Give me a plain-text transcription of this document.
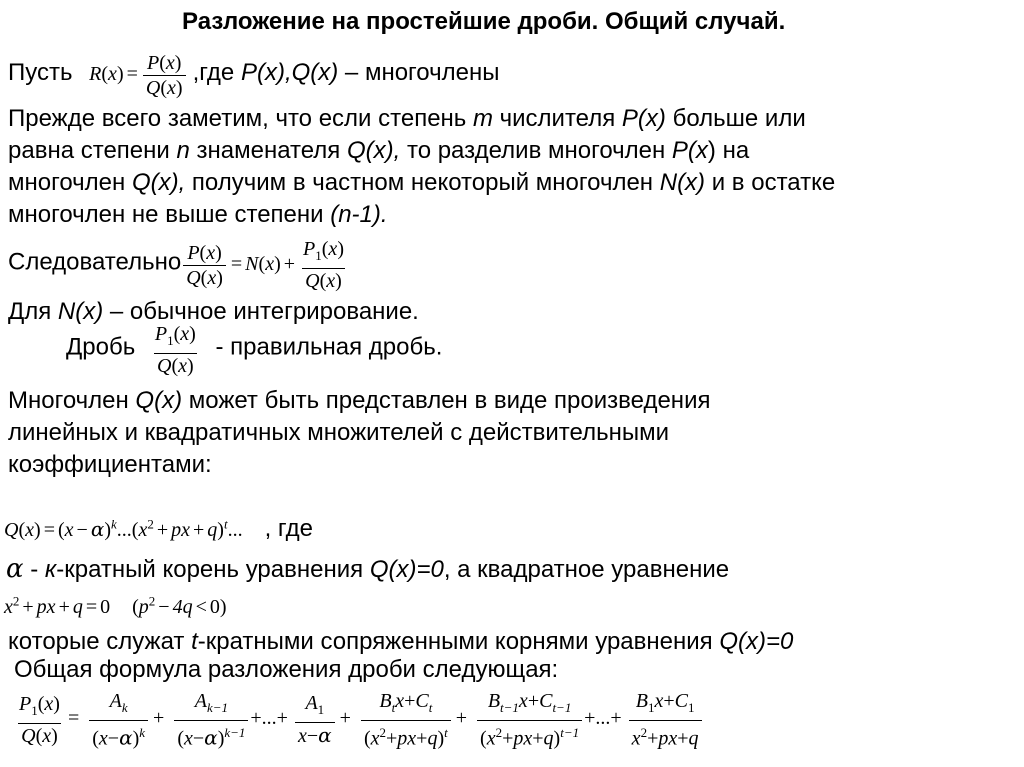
Разложение на простейшие дроби. Общий случай.
Пусть $R(x) = \frac{P(x)}{Q(x)} ,где$ P(x),Q(x) – многочлены
Прежде всего заметим, что если степень m числителя P(x) больше или
равна степени n знаменателя Q(x), то разделив многочлен P(x) на
многочлен Q(x), получим в частном некоторый многочлен N(x) и в остатке
многочлен не выше степени (n-1).
Следовательно $\frac{P(x)}{Q(x)} = N(x) + \frac{P_1(x)}{Q(x)}$
Для N(x) – обычное интегрирование.
Дробь $\frac{P_1(x)}{Q(x)}$ - правильная дробь.
Многочлен Q(x) может быть представлен в виде произведения
линейных и квадратичных множителей с действительными
коэффициентами:
$Q(x) = (x - \alpha)^k...(x^2$ + px + q)$^t$... , где
α - к-кратный корень уравнения Q(x)=0, а квадратное уравнение
$x^2$ + px + q = 0 $(p^2 - 4q < 0)$
которые служат t-кратными сопряженными корнями уравнения Q(x)=0
Общая формула разложения дроби следующая:
$\frac{P_1(x)}{Q(x)} = \frac{A_k}{(x-\alpha)^k} + \frac{A_{k-1}}{(x-\alpha)^{k-1}}$ +...+ $\frac{A_1}{x-\alpha} + \frac{B_tx+C_t}{(x^2+px+q)^t} + \frac{B_{t-1}x+C_{t-1}}{(x^2+px+q)^{t-1}}$ +...+ $\frac{B_1x+C_1}{x^2+px+q}$
